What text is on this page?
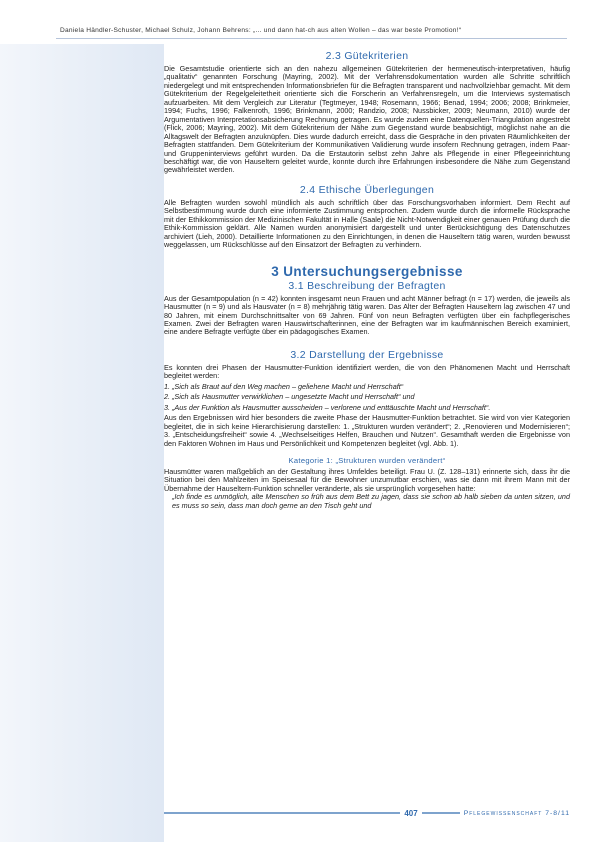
Daniela Händler-Schuster, Michael Schulz, Johann Behrens: „... und dann hat-ch aus alten Wollen – das war beste Promotion!“
2.3 Gütekriterien

Die Gesamtstudie orientierte sich an den nahezu allgemeinen Gütekriterien der hermeneutisch-interpretativen, häufig „qualitativ“ genannten Forschung (Mayring, 2002). Mit der Verfahrensdokumentation wurden alle Schritte schriftlich niedergelegt und mit entsprechenden Informationsbriefen für die Befragten transparent und nachvollziehbar gemacht. Mit dem Gütekriterium der Regelgeleitetheit orientierte sich die Forscherin an Verfahrensregeln, um die Interviews systematisch aufzuarbeiten. Mit dem Vergleich zur Literatur (Tegtmeyer, 1948; Rosemann, 1966; Benad, 1994; 2006; 2008; Brinkmeier, 1994; Fuchs, 1996; Falkenroth, 1996; Brinkmann, 2000; Randzio, 2008; Nussbicker, 2009; Neumann, 2010) wurde der Argumentativen Interpretationsabsicherung Rechnung getragen. Es wurde zudem eine Datenquellen-Triangulation angestrebt (Flick, 2006; Mayring, 2002). Mit dem Gütekriterium der Nähe zum Gegenstand wurde beabsichtigt, möglichst nahe an die Alltagswelt der Befragten anzuknüpfen. Dies wurde dadurch erreicht, dass die Gespräche in den privaten Räumlichkeiten der Befragten stattfanden. Dem Gütekriterium der Kommunikativen Validierung wurde insofern Rechnung getragen, indem Paar- und Gruppeninterviews geführt wurden. Da die Erstautorin selbst zehn Jahre als Pflegende in einer Pflegeeinrichtung beschäftigt war, die von Hauseltern geleitet wurde, konnte durch ihre Erfahrungen insbesondere die Nähe zum Gegenstand gewährleistet werden.

2.4 Ethische Überlegungen

Alle Befragten wurden sowohl mündlich als auch schriftlich über das Forschungsvorhaben informiert. Dem Recht auf Selbstbestimmung wurde durch eine informierte Zustimmung entsprochen. Zudem wurde durch die informelle Rücksprache mit der Ethikkommission der Medizinischen Fakultät in Halle (Saale) die Nicht-Notwendigkeit einer genauen Prüfung durch die Ethik-Kommission geklärt. Alle Namen wurden anonymisiert dargestellt und unter Berücksichtigung des Datenschutzes archiviert (Lieh, 2000). Detaillierte Informationen zu den Einrichtungen, in denen die Hauseltern tätig waren, wurden bewusst weggelassen, um Rückschlüsse auf den Einsatzort der Befragten zu verhindern.

3 Untersuchungsergebnisse
3.1 Beschreibung der Befragten

Aus der Gesamtpopulation (n = 42) konnten insgesamt neun Frauen und acht Männer befragt (n = 17) werden, die jeweils als Hausmutter (n = 9) und als Hausvater (n = 8) mehrjährig tätig waren. Das Alter der Befragten Hauseltern lag zwischen 47 und 80 Jahren, mit einem Durchschnittsalter von 69 Jahren. Fünf von neun Befragten verfügten über ein fachpflegerisches Examen. Zwei der Befragten waren Hauswirtschafterinnen, eine der Befragten war im kaufmännischen Bereich examiniert, eine andere Befragte verfügte über ein pädagogisches Examen.

3.2 Darstellung der Ergebnisse

Es konnten drei Phasen der Hausmutter-Funktion identifiziert werden, die von den Phänomenen Macht und Herrschaft begleitet werden:

1. „Sich als Braut auf den Weg machen – geliehene Macht und Herrschaft“
2. „Sich als Hausmutter verwirklichen – ungesetzte Macht und Herrschaft“ und
3. „Aus der Funktion als Hausmutter ausscheiden – verlorene und enttäuschte Macht und Herrschaft“.

Aus den Ergebnissen wird hier besonders die zweite Phase der Hausmutter-Funktion betrachtet. Sie wird von vier Kategorien begleitet, die in sich keine Hierarchisierung darstellen: 1. „Strukturen wurden verändert“; 2. „Renovieren und Modernisieren“; 3. „Entscheidungsfreiheit“ sowie 4. „Wechselseitiges Helfen, Brauchen und Nutzen“. Gesamthaft werden die Ergebnisse von den Faktoren Wohnen im Haus und Persönlichkeit und Kompetenzen begleitet (vgl. Abb. 1).

Kategorie 1: „Strukturen wurden verändert“

Hausmütter waren maßgeblich an der Gestaltung ihres Umfeldes beteiligt. Frau U. (Z. 128–131) erinnerte sich, dass ihr die Situation bei den Mahlzeiten im Speisesaal für die Bewohner unzumutbar erschien, was sie dann mit ihrem Mann mit der Übernahme der Hauseltern-Funktion schneller veränderte, als sie ursprünglich vorgesehen hatte:

„Ich finde es unmöglich, alte Menschen so früh aus dem Bett zu jagen, dass sie schon ab halb sieben da unten sitzen, und es muss so sein, dass man doch gerne an den Tisch geht und

407	Pflegewissenschaft 7-8/11
